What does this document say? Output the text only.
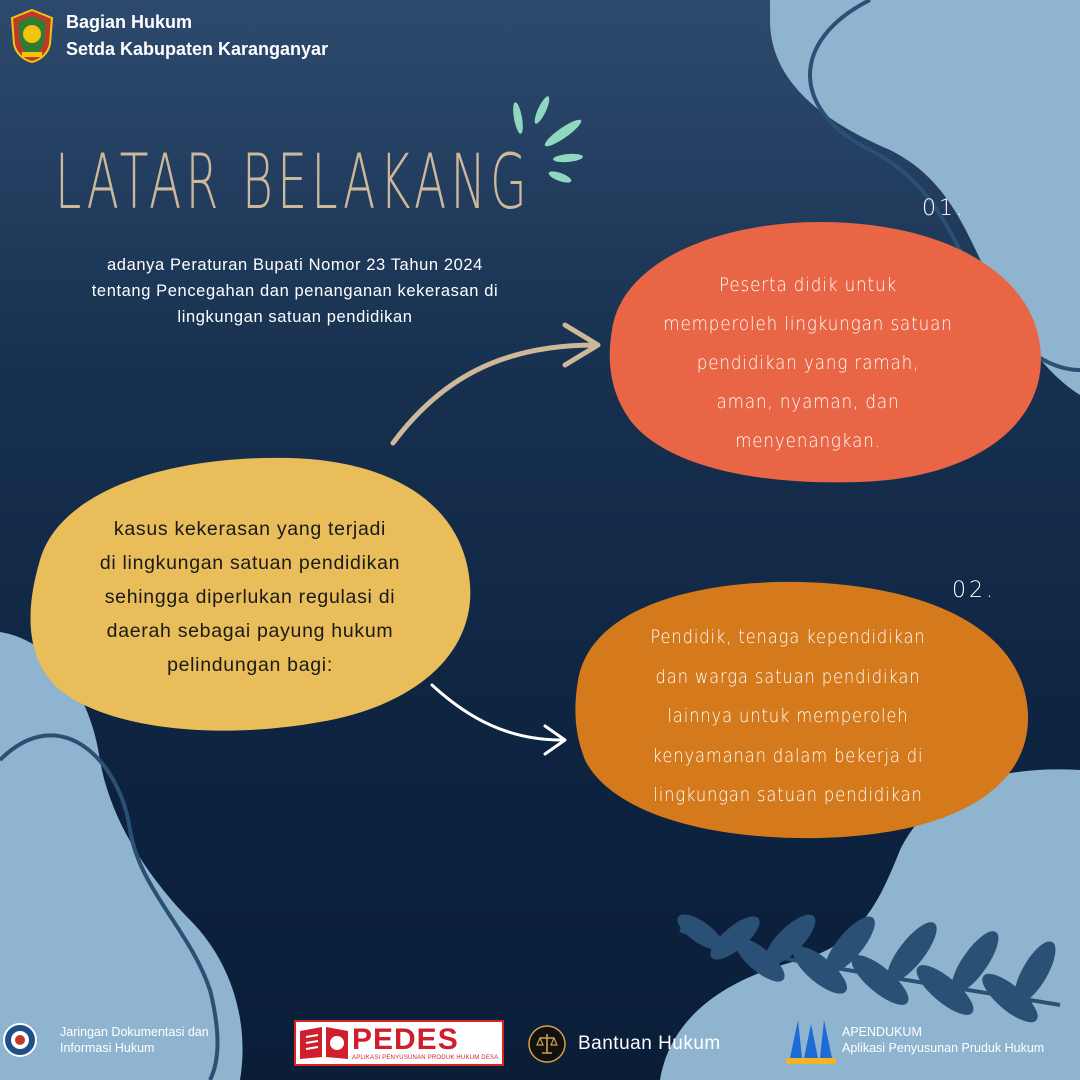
Bagian Hukum
Setda Kabupaten Karanganyar
LATAR BELAKANG
adanya Peraturan Bupati Nomor 23 Tahun 2024
tentang Pencegahan dan penanganan kekerasan di
lingkungan satuan pendidikan
01.
02.
kasus kekerasan yang terjadi
di lingkungan satuan pendidikan
sehingga diperlukan regulasi di
daerah sebagai payung hukum
pelindungan bagi:
Peserta didik untuk
memperoleh lingkungan satuan
pendidikan yang ramah,
aman, nyaman, dan
menyenangkan.
Pendidik, tenaga kependidikan
dan warga satuan pendidikan
lainnya untuk memperoleh
kenyamanan dalam bekerja di
lingkungan satuan pendidikan
Jaringan Dokumentasi dan
Informasi Hukum	PEDES
APLIKASI PENYUSUNAN PRODUK HUKUM DESA
Bantuan Hukum
APENDUKUM
Aplikasi Penyusunan Pruduk Hukum
